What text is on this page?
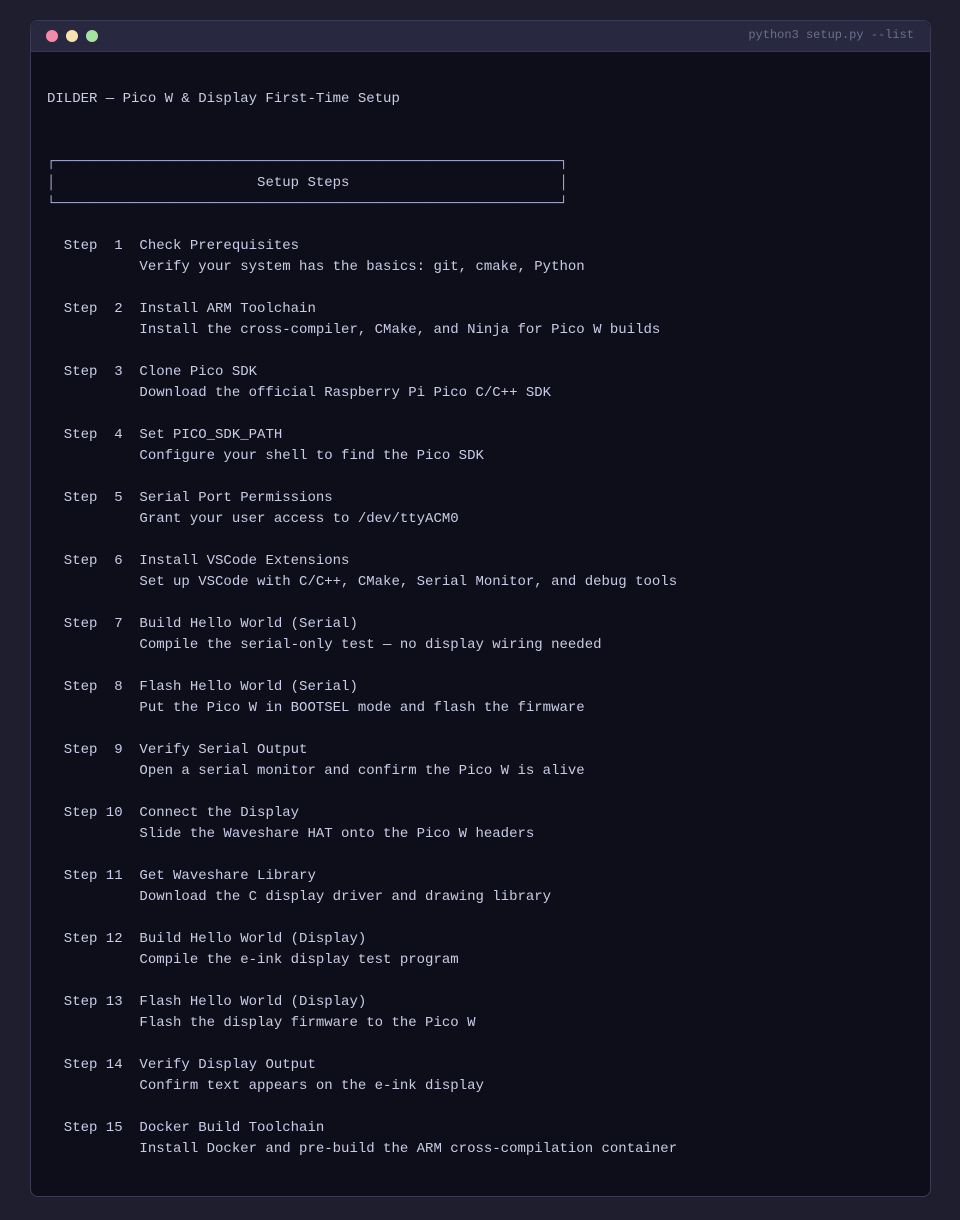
python3 setup.py --list
DILDER — Pico W & Display First-Time Setup
┌────────────────────────────────────────────────────────────┐
│	Setup Steps	│
└────────────────────────────────────────────────────────────┘
Step  1  Check Prerequisites
Verify your system has the basics: git, cmake, Python
Step  2  Install ARM Toolchain
Install the cross-compiler, CMake, and Ninja for Pico W builds
Step  3  Clone Pico SDK
Download the official Raspberry Pi Pico C/C++ SDK
Step  4  Set PICO_SDK_PATH
Configure your shell to find the Pico SDK
Step  5  Serial Port Permissions
Grant your user access to /dev/ttyACM0
Step  6  Install VSCode Extensions
Set up VSCode with C/C++, CMake, Serial Monitor, and debug tools
Step  7  Build Hello World (Serial)
Compile the serial-only test — no display wiring needed
Step  8  Flash Hello World (Serial)
Put the Pico W in BOOTSEL mode and flash the firmware
Step  9  Verify Serial Output
Open a serial monitor and confirm the Pico W is alive
Step 10  Connect the Display
Slide the Waveshare HAT onto the Pico W headers
Step 11  Get Waveshare Library
Download the C display driver and drawing library
Step 12  Build Hello World (Display)
Compile the e-ink display test program
Step 13  Flash Hello World (Display)
Flash the display firmware to the Pico W
Step 14  Verify Display Output
Confirm text appears on the e-ink display
Step 15  Docker Build Toolchain
Install Docker and pre-build the ARM cross-compilation container
